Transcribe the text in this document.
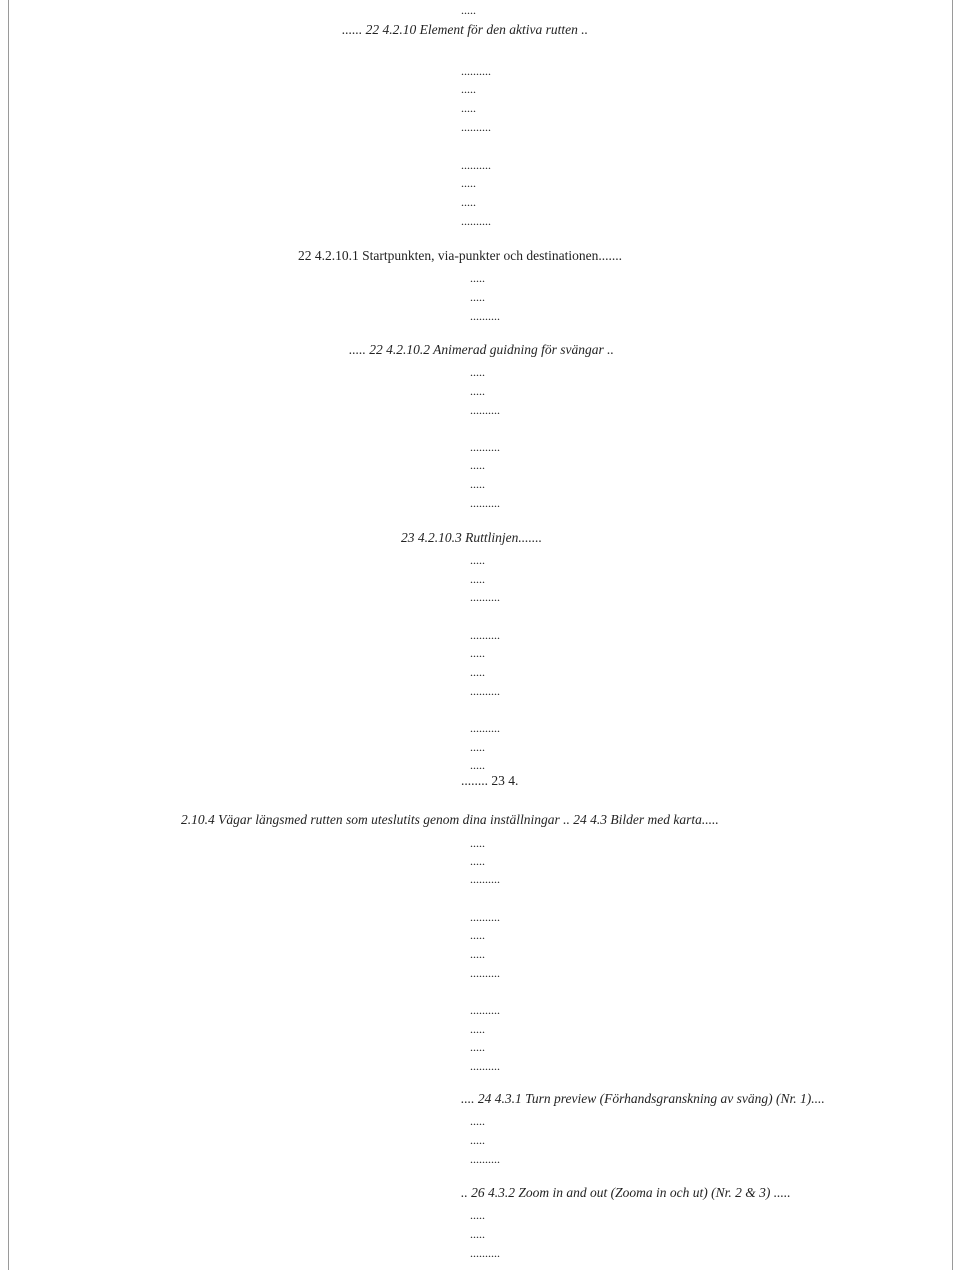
.....
...... 22 4.2.10 Element för den aktiva rutten ..
..........
.....
.....
..........
..........
.....
.....
..........
22 4.2.10.1 Startpunkten, via-punkter och destinationen.......
.....
.....
..........
..... 22 4.2.10.2 Animerad guidning för svängar ..
.....
.....
..........
..........
.....
.....
..........
23 4.2.10.3 Ruttlinjen.......
.....
.....
..........
..........
.....
.....
..........
..........
.....
.....
........ 23 4.
2.10.4 Vägar längsmed rutten som uteslutits genom dina inställningar .. 24 4.3 Bilder med karta.....
.....
.....
..........
..........
.....
.....
..........
..........
.....
.....
..........
.... 24 4.3.1 Turn preview (Förhandsgranskning av sväng) (Nr. 1)....
.....
.....
..........
.. 26 4.3.2 Zoom in and out (Zooma in och ut) (Nr. 2 & 3) .....
.....
.....
..........
